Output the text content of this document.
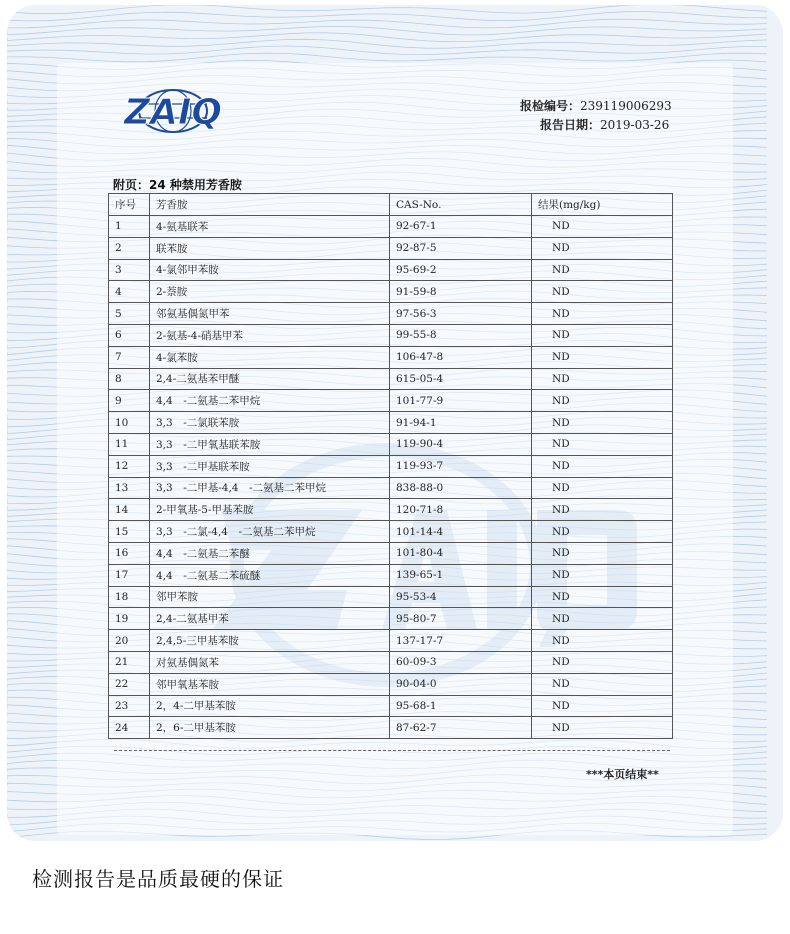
ZAIQ	报检编号：239119006293
报告日期：2019-03-26
附页：24 种禁用芳香胺
序号	芳香胺	CAS-No.	结果(mg/kg)
1	4-氨基联苯	92-67-1	ND
2	联苯胺	92-87-5	ND
3	4-氯邻甲苯胺	95-69-2	ND
4	2-萘胺	91-59-8	ND
5	邻氨基偶氮甲苯	97-56-3	ND
6	2-氨基-4-硝基甲苯	99-55-8	ND
7	4-氯苯胺	106-47-8	ND
8	2,4-二氨基苯甲醚	615-05-4	ND
9	4,4　-二氨基二苯甲烷	101-77-9	ND
10	3,3　-二氯联苯胺	91-94-1	ND
11	3,3　-二甲氧基联苯胺	119-90-4	ND
12	3,3　-二甲基联苯胺	119-93-7	ND
13	3,3　-二甲基-4,4　-二氨基二苯甲烷	838-88-0	ND
14	2-甲氧基-5-甲基苯胺	120-71-8	ND
15	3,3　-二氯-4,4　-二氨基二苯甲烷	101-14-4	ND
16	4,4　-二氨基二苯醚	101-80-4	ND
17	4,4　-二氨基二苯硫醚	139-65-1	ND
18	邻甲苯胺	95-53-4	ND
19	2,4-二氨基甲苯	95-80-7	ND
20	2,4,5-三甲基苯胺	137-17-7	ND
21	对氨基偶氮苯	60-09-3	ND
22	邻甲氧基苯胺	90-04-0	ND
23	2，4-二甲基苯胺	95-68-1	ND
24	2，6-二甲基苯胺	87-62-7	ND
***本页结束**
检测报告是品质最硬的保证
